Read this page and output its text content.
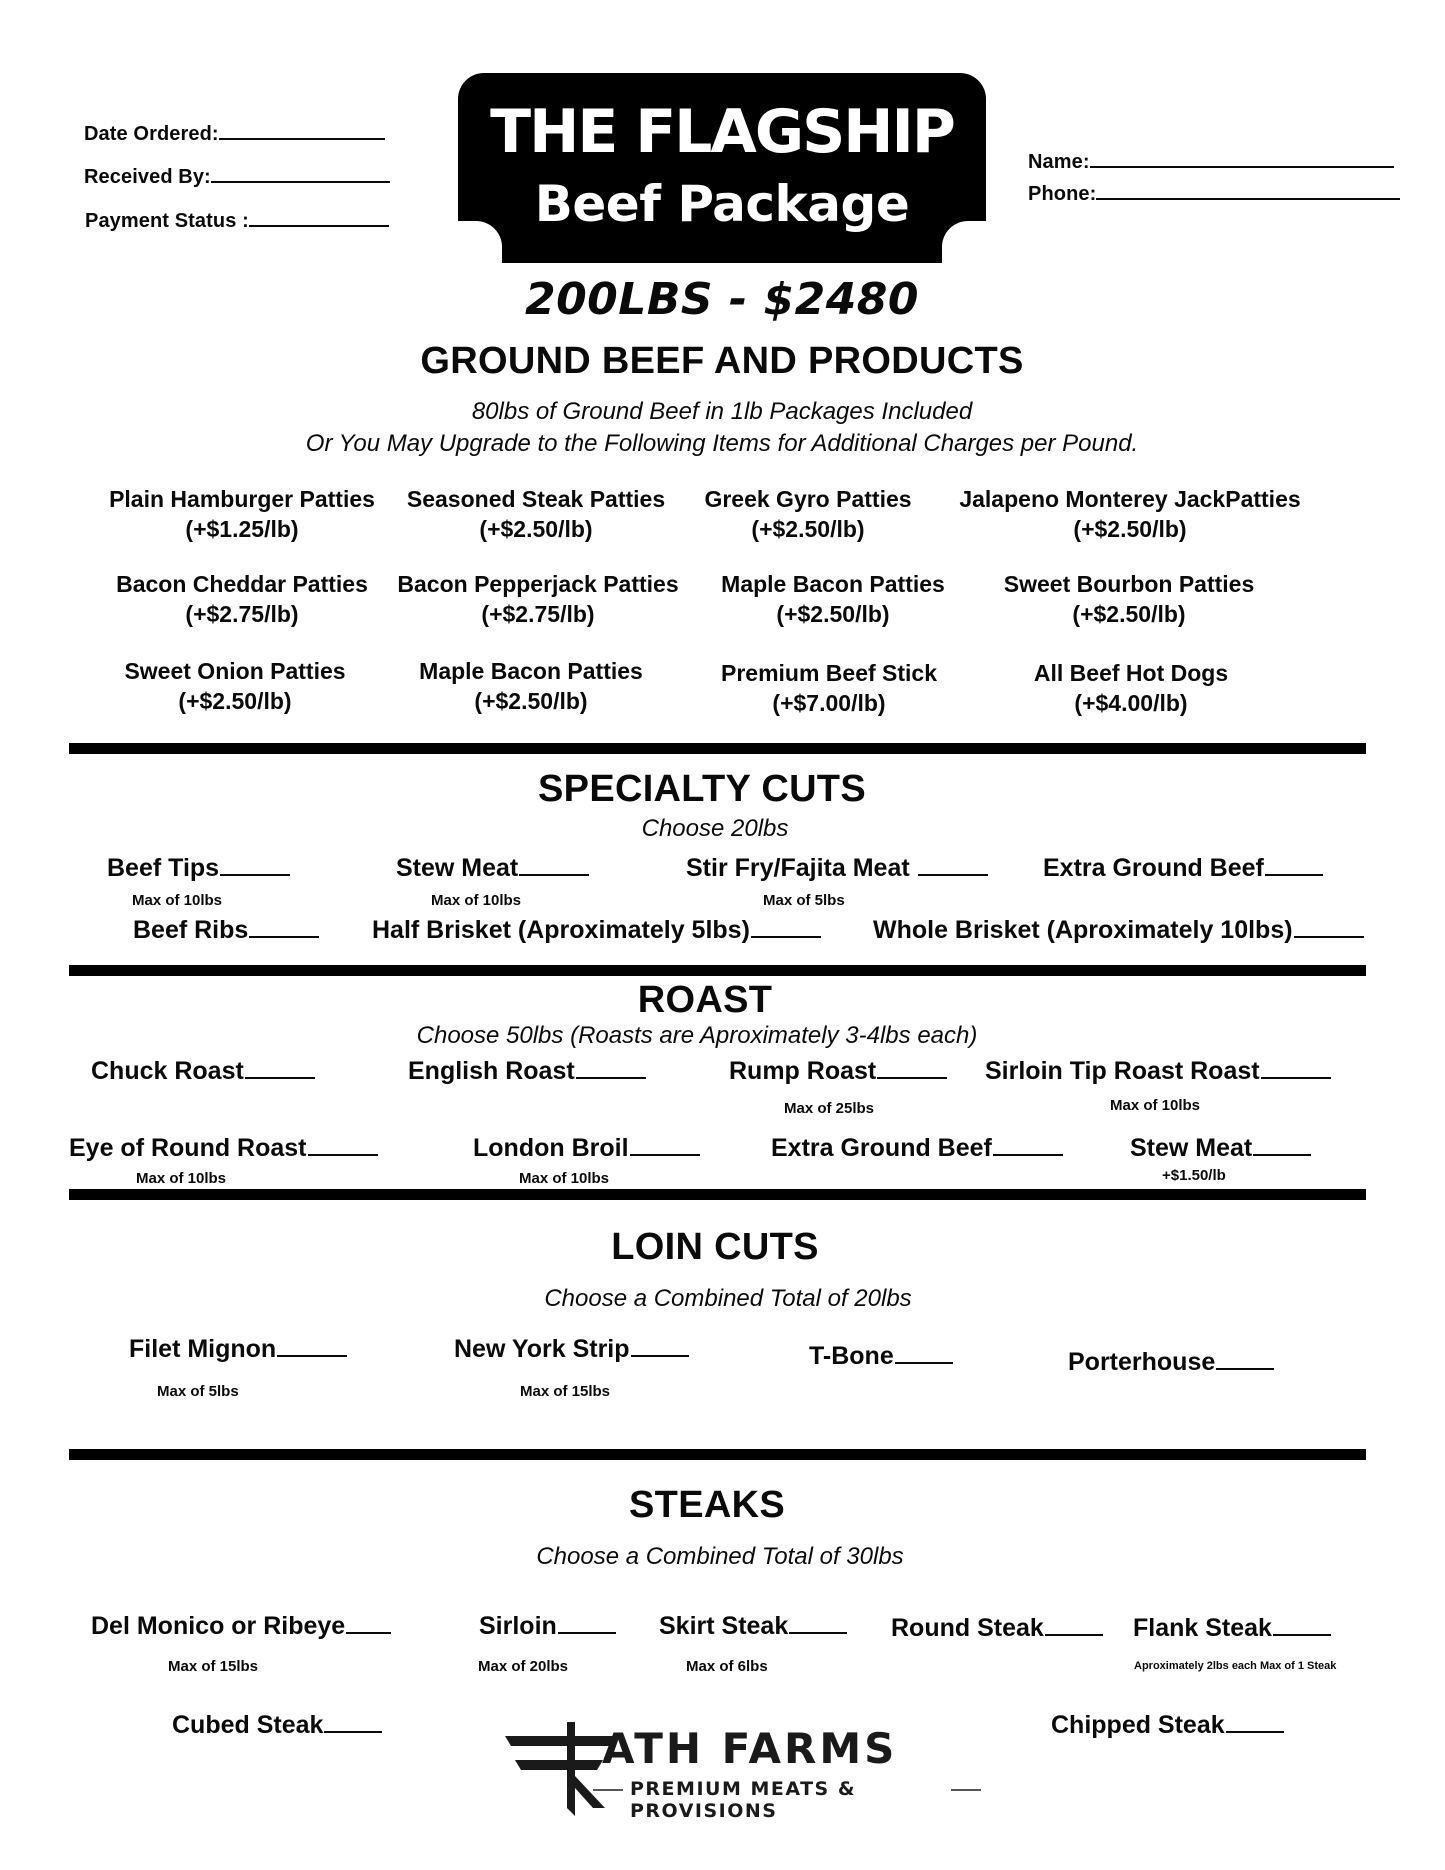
Date Ordered:
Received By:
Payment Status :
THE FLAGSHIP
Beef Package
200LBS - $2480
Name:
Phone:
GROUND BEEF AND PRODUCTS
80lbs of Ground Beef in 1lb Packages Included
Or You May Upgrade to the Following Items for Additional Charges per Pound.
Plain Hamburger Patties
(+$1.25/lb)
Seasoned Steak Patties
(+$2.50/lb)
Greek Gyro Patties
(+$2.50/lb)
Jalapeno Monterey JackPatties
(+$2.50/lb)
Bacon Cheddar Patties
(+$2.75/lb)
Bacon Pepperjack Patties
(+$2.75/lb)
Maple Bacon Patties
(+$2.50/lb)
Sweet Bourbon Patties
(+$2.50/lb)
Sweet Onion Patties
(+$2.50/lb)
Maple Bacon Patties
(+$2.50/lb)
Premium Beef Stick
(+$7.00/lb)
All Beef Hot Dogs
(+$4.00/lb)
SPECIALTY CUTS
Choose 20lbs
Beef Tips
Max of 10lbs
Stew Meat
Max of 10lbs
Stir Fry/Fajita Meat
Max of 5lbs
Extra Ground Beef
Beef Ribs	Half Brisket (Aproximately 5lbs)	Whole Brisket (Aproximately 10lbs)
ROAST
Choose 50lbs (Roasts are Aproximately 3-4lbs each)
Chuck Roast	English Roast	Rump Roast
Max of 25lbs
Sirloin Tip Roast Roast
Max of 10lbs
Eye of Round Roast
Max of 10lbs
London Broil
Max of 10lbs
Extra Ground Beef	Stew Meat
+$1.50/lb
LOIN CUTS
Choose a Combined Total of 20lbs
Filet Mignon
Max of 5lbs
New York Strip
Max of 15lbs
T-Bone	Porterhouse
STEAKS
Choose a Combined Total of 30lbs
Del Monico or Ribeye
Max of 15lbs
Sirloin
Max of 20lbs
Skirt Steak
Max of 6lbs
Round Steak	Flank Steak
Aproximately 2lbs each Max of 1 Steak
Cubed Steak	Chipped Steak
ATH FARMS
PREMIUM MEATS & PROVISIONS
